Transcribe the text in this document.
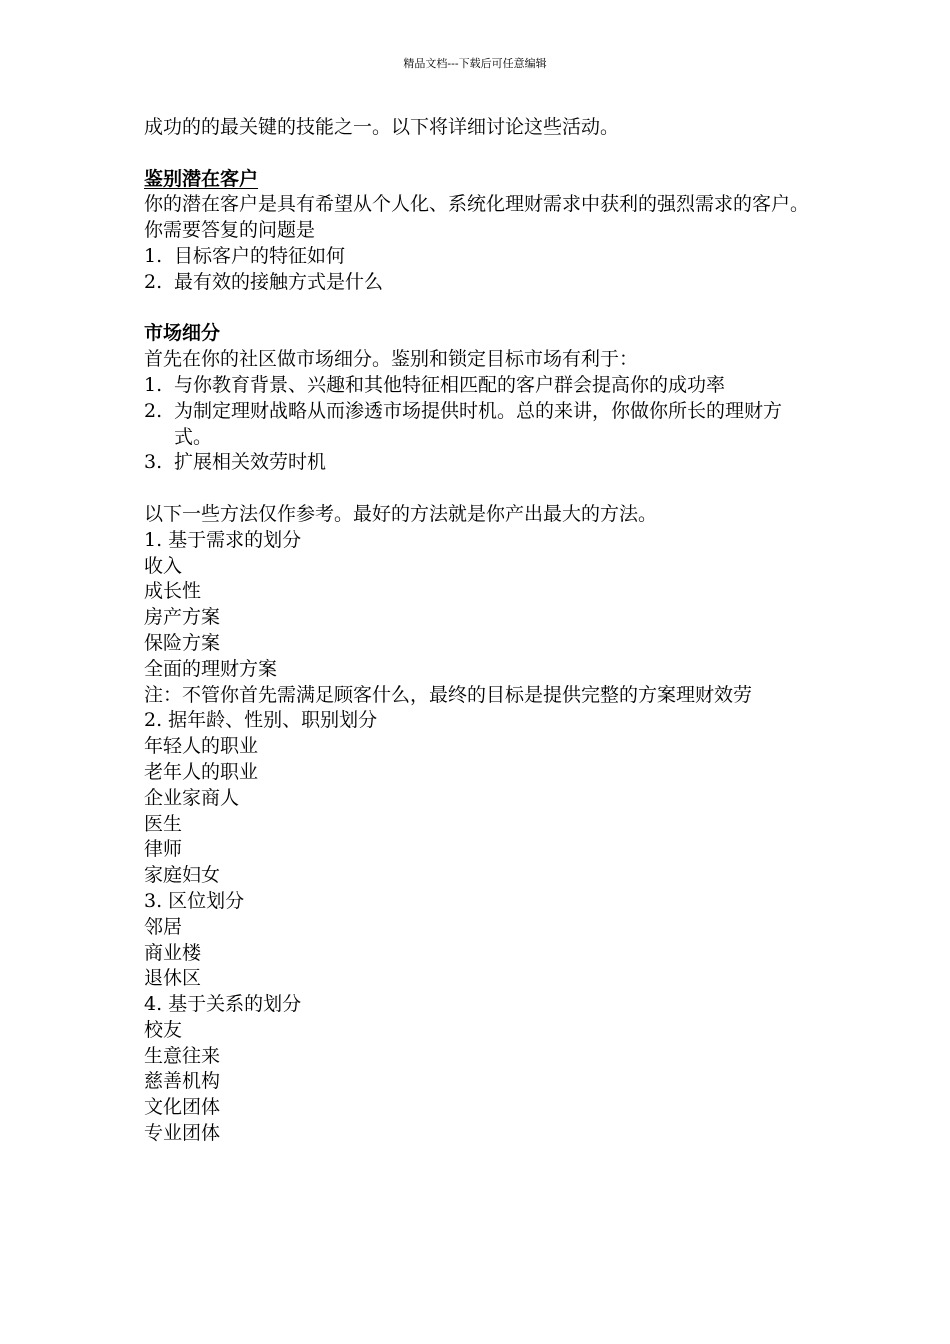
精品文档---下载后可任意编辑
成功的的最关键的技能之一。以下将详细讨论这些活动。
鉴别潜在客户
你的潜在客户是具有希望从个人化、系统化理财需求中获利的强烈需求的客户。
你需要答复的问题是
1. 目标客户的特征如何
2. 最有效的接触方式是什么
市场细分
首先在你的社区做市场细分。鉴别和锁定目标市场有利于：
1. 与你教育背景、兴趣和其他特征相匹配的客户群会提高你的成功率
2. 为制定理财战略从而渗透市场提供时机。总的来讲，你做你所长的理财方式。
3. 扩展相关效劳时机
以下一些方法仅作参考。最好的方法就是你产出最大的方法。
1. 基于需求的划分
收入
成长性
房产方案
保险方案
全面的理财方案
注：不管你首先需满足顾客什么，最终的目标是提供完整的方案理财效劳
2. 据年龄、性别、职别划分
年轻人的职业
老年人的职业
企业家商人
医生
律师
家庭妇女
3. 区位划分
邻居
商业楼
退休区
4. 基于关系的划分
校友
生意往来
慈善机构
文化团体
专业团体
